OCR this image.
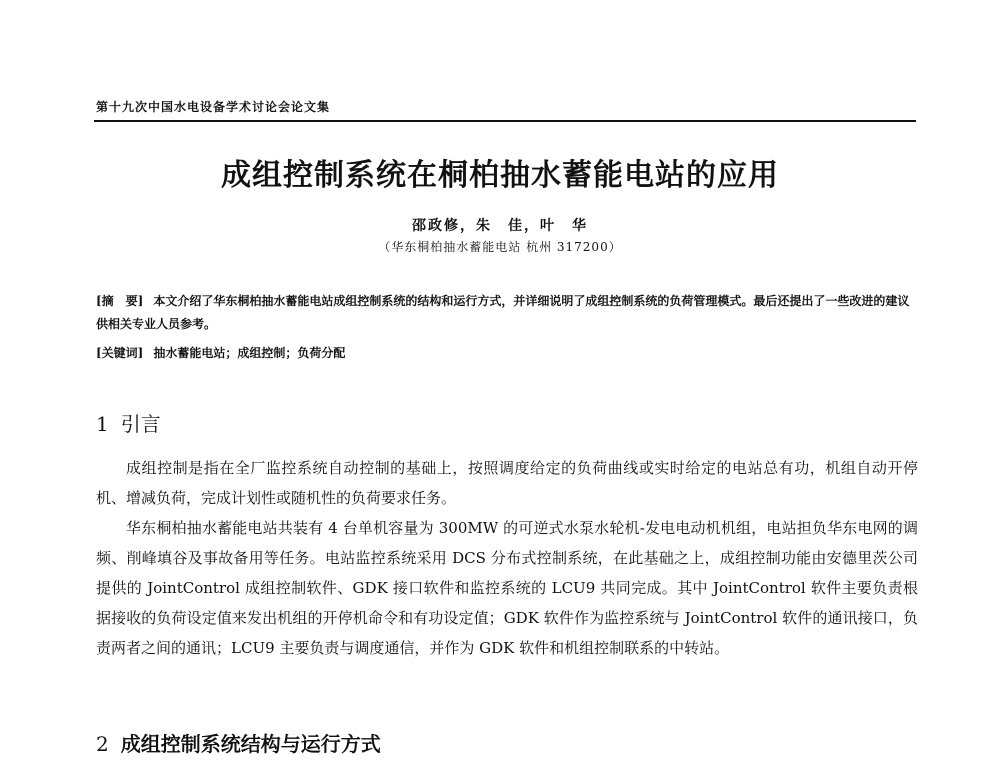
第十九次中国水电设备学术讨论会论文集
成组控制系统在桐柏抽水蓄能电站的应用
邵政修，朱　佳，叶　华
（华东桐柏抽水蓄能电站 杭州 317200）
[摘　要] 本文介绍了华东桐柏抽水蓄能电站成组控制系统的结构和运行方式，并详细说明了成组控制系统的负荷管理模式。最后还提出了一些改进的建议供相关专业人员参考。
[关键词] 抽水蓄能电站；成组控制；负荷分配
1 引言

成组控制是指在全厂监控系统自动控制的基础上，按照调度给定的负荷曲线或实时给定的电站总有功，机组自动开停机、增减负荷，完成计划性或随机性的负荷要求任务。

华东桐柏抽水蓄能电站共装有 4 台单机容量为 300MW 的可逆式水泵水轮机-发电电动机机组，电站担负华东电网的调频、削峰填谷及事故备用等任务。电站监控系统采用 DCS 分布式控制系统，在此基础之上，成组控制功能由安德里茨公司提供的 JointControl 成组控制软件、GDK 接口软件和监控系统的 LCU9 共同完成。其中 JointControl 软件主要负责根据接收的负荷设定值来发出机组的开停机命令和有功设定值；GDK 软件作为监控系统与 JointControl 软件的通讯接口，负责两者之间的通讯；LCU9 主要负责与调度通信，并作为 GDK 软件和机组控制联系的中转站。

2 成组控制系统结构与运行方式
